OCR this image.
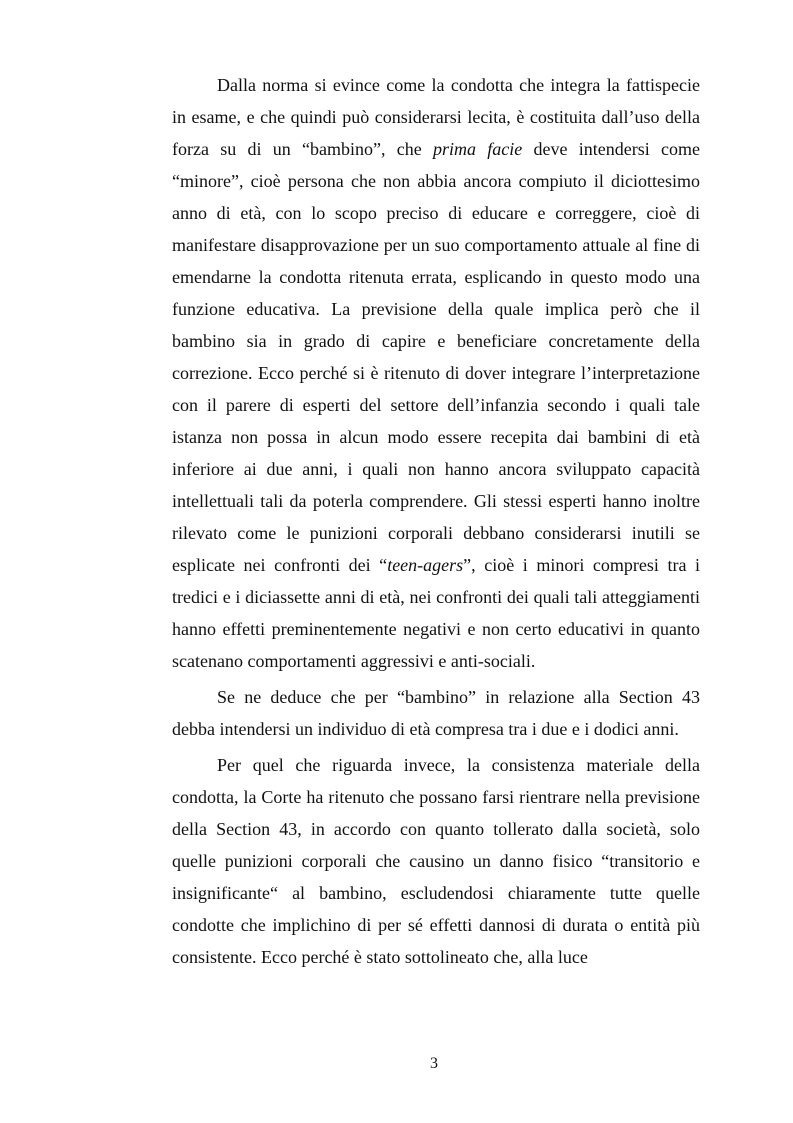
Dalla norma si evince come la condotta che integra la fattispecie in esame, e che quindi può considerarsi lecita, è costituita dall’uso della forza su di un “bambino”, che prima facie deve intendersi come “minore”, cioè persona che non abbia ancora compiuto il diciottesimo anno di età, con lo scopo preciso di educare e correggere, cioè di manifestare disapprovazione per un suo comportamento attuale al fine di emendarne la condotta ritenuta errata, esplicando in questo modo una funzione educativa. La previsione della quale implica però che il bambino sia in grado di capire e beneficiare concretamente della correzione. Ecco perché si è ritenuto di dover integrare l’interpretazione con il parere di esperti del settore dell’infanzia secondo i quali tale istanza non possa in alcun modo essere recepita dai bambini di età inferiore ai due anni, i quali non hanno ancora sviluppato capacità intellettuali tali da poterla comprendere. Gli stessi esperti hanno inoltre rilevato come le punizioni corporali debbano considerarsi inutili se esplicate nei confronti dei “teen-agers”, cioè i minori compresi tra i tredici e i diciassette anni di età, nei confronti dei quali tali atteggiamenti hanno effetti preminentemente negativi e non certo educativi in quanto scatenano comportamenti aggressivi e anti-sociali.

Se ne deduce che per “bambino” in relazione alla Section 43 debba intendersi un individuo di età compresa tra i due e i dodici anni.

Per quel che riguarda invece, la consistenza materiale della condotta, la Corte ha ritenuto che possano farsi rientrare nella previsione della Section 43, in accordo con quanto tollerato dalla società, solo quelle punizioni corporali che causino un danno fisico “transitorio e insignificante“ al bambino, escludendosi chiaramente tutte quelle condotte che implichino di per sé effetti dannosi di durata o entità più consistente. Ecco perché è stato sottolineato che, alla luce

3
